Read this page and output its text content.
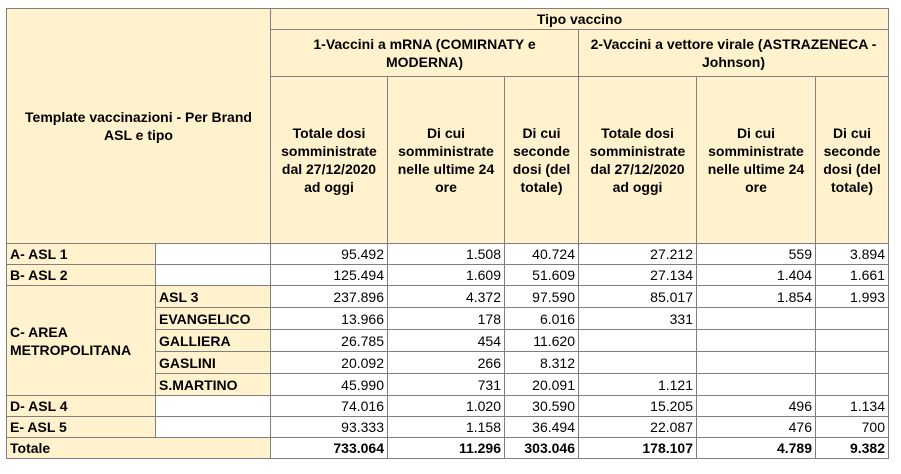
Template vaccinazioni - Per Brand ASL e tipo		Tipo vaccino					
		1-Vaccini a mRNA (COMIRNATY e MODERNA)			2-Vaccini a vettore virale (ASTRAZENECA - Johnson)		
		Totale dosi somministrate dal 27/12/2020 ad oggi	Di cui somministrate nelle ultime 24 ore	Di cui seconde dosi (del totale)	Totale dosi somministrate dal 27/12/2020 ad oggi	Di cui somministrate nelle ultime 24 ore	Di cui seconde dosi (del totale)
A- ASL 1		95.492	1.508	40.724	27.212	559	3.894
B- ASL 2		125.494	1.609	51.609	27.134	1.404	1.661
C- AREA METROPOLITANA	ASL 3	237.896	4.372	97.590	85.017	1.854	1.993
	EVANGELICO	13.966	178	6.016	331		
	GALLIERA	26.785	454	11.620			
	GASLINI	20.092	266	8.312			
	S.MARTINO	45.990	731	20.091	1.121		
D- ASL 4		74.016	1.020	30.590	15.205	496	1.134
E- ASL 5		93.333	1.158	36.494	22.087	476	700
Totale		733.064	11.296	303.046	178.107	4.789	9.382
